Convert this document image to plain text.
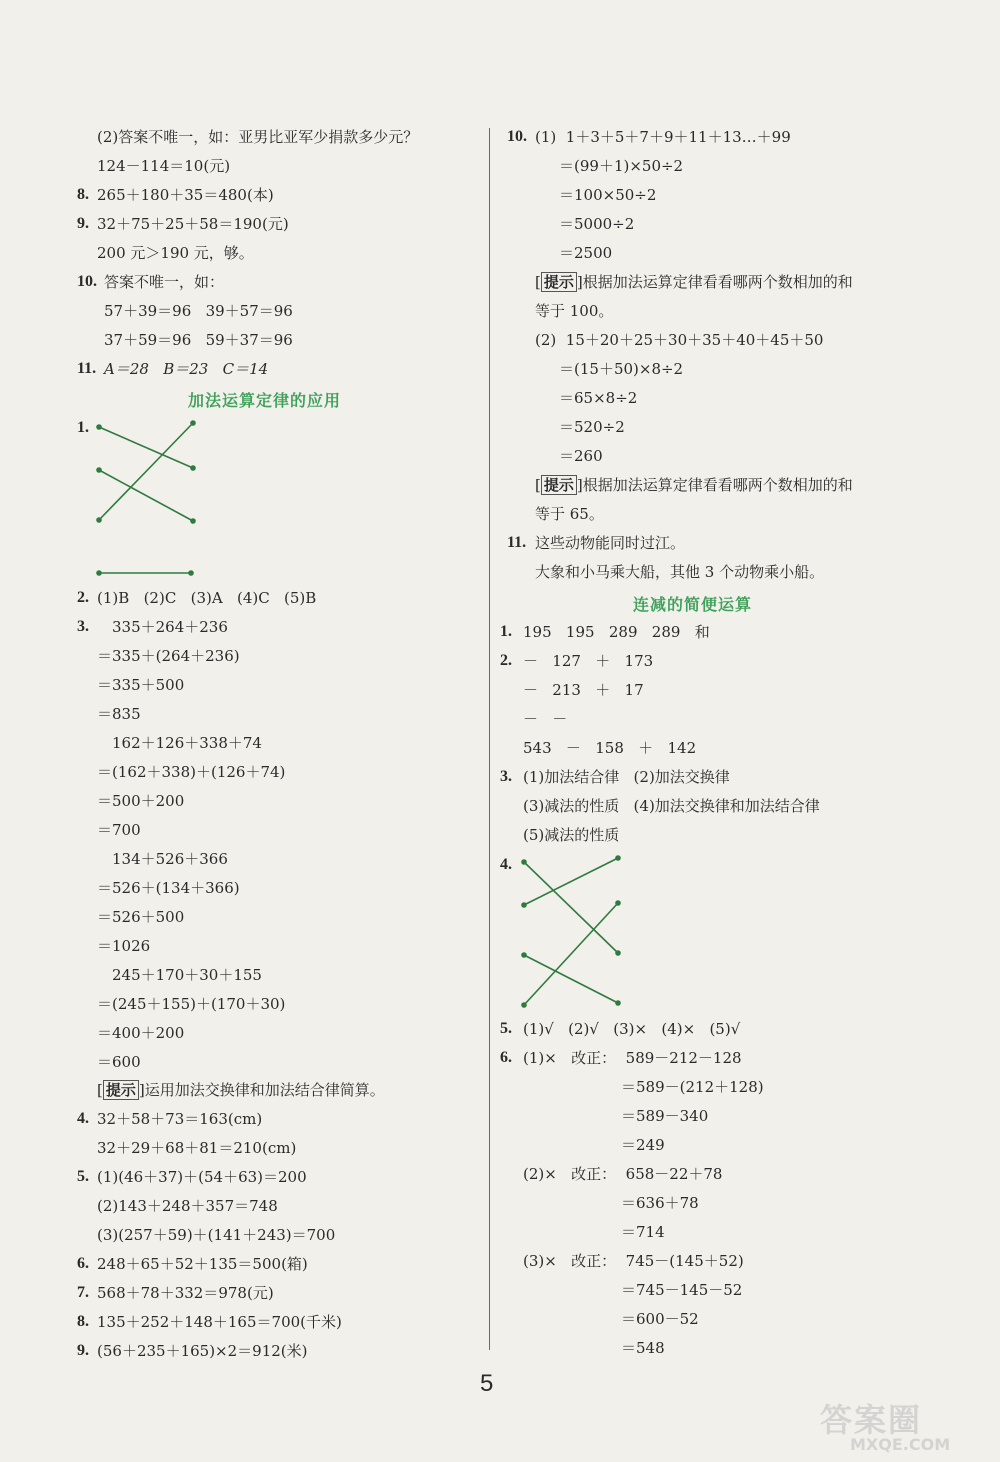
(2)答案不唯一，如：亚男比亚军少捐款多少元？
124－114＝10(元)
8. 265＋180＋35＝480(本)
9. 32＋75＋25＋58＝190(元)
200 元＞190 元，够。
10. 答案不唯一，如：
57＋39＝96   39＋57＝96
37＋59＝96   59＋37＝96
11. A＝28   B＝23   C＝14
加法运算定律的应用
1.
2. (1)B   (2)C   (3)A   (4)C   (5)B
3. 335＋264＋236
＝335＋(264＋236)
＝335＋500
＝835
162＋126＋338＋74
＝(162＋338)＋(126＋74)
＝500＋200
＝700
134＋526＋366
＝526＋(134＋366)
＝526＋500
＝1026
245＋170＋30＋155
＝(245＋155)＋(170＋30)
＝400＋200
＝600
[ 提示 ]运用加法交换律和加法结合律简算。
4. 32＋58＋73＝163(cm)
32＋29＋68＋81＝210(cm)
5. (1)(46＋37)＋(54＋63)＝200
(2)143＋248＋357＝748
(3)(257＋59)＋(141＋243)＝700
6. 248＋65＋52＋135＝500(箱)
7. 568＋78＋332＝978(元)
8. 135＋252＋148＋165＝700(千米)
9. (56＋235＋165)×2＝912(米)
10. (1)  1＋3＋5＋7＋9＋11＋13…＋99
＝(99＋1)×50÷2
＝100×50÷2
＝5000÷2
＝2500
[ 提示 ]根据加法运算定律看看哪两个数相加的和
等于 100。
(2)  15＋20＋25＋30＋35＋40＋45＋50
＝(15＋50)×8÷2
＝65×8÷2
＝520÷2
＝260
[ 提示 ]根据加法运算定律看看哪两个数相加的和
等于 65。
11. 这些动物能同时过江。
大象和小马乘大船，其他 3 个动物乘小船。
连减的简便运算
1. 195   195   289   289   和
2. －   127   ＋   173
－   213   ＋   17
－   －
543   －   158   ＋   142
3. (1)加法结合律   (2)加法交换律
(3)减法的性质   (4)加法交换律和加法结合律
(5)减法的性质
4.
5. (1)√   (2)√   (3)×   (4)×   (5)√
6. (1)×   改正：  589－212－128
＝589－(212＋128)
＝589－340
＝249
(2)×   改正：  658－22＋78
＝636＋78
＝714
(3)×   改正：  745－(145＋52)
＝745－145－52
＝600－52
＝548
5
答案圈
MXQE.COM
